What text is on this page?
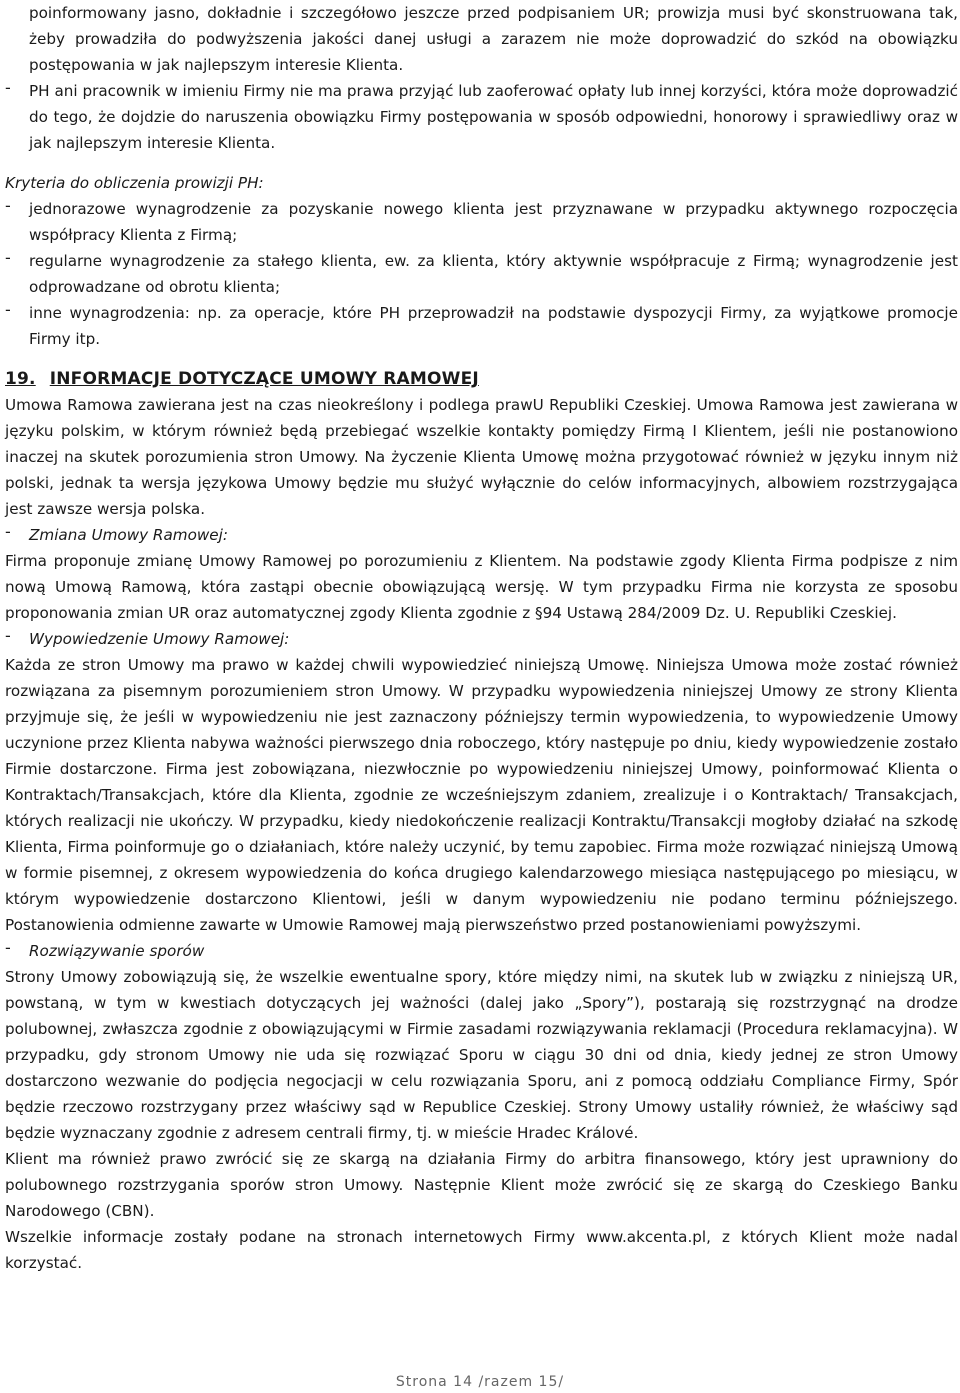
poinformowany jasno, dokładnie i szczegółowo jeszcze przed podpisaniem UR; prowizja musi być skonstruowana tak, żeby prowadziła do podwyższenia jakości danej usługi a zarazem nie może doprowadzić do szkód na obowiązku postępowania w jak najlepszym interesie Klienta.

-	PH ani pracownik w imieniu Firmy nie ma prawa przyjąć lub zaoferować opłaty lub innej korzyści, która może doprowadzić do tego, że dojdzie do naruszenia obowiązku Firmy postępowania w sposób odpowiedni, honorowy i sprawiedliwy oraz w jak najlepszym interesie Klienta.

Kryteria do obliczenia prowizji PH:

-	jednorazowe wynagrodzenie za pozyskanie nowego klienta jest przyznawane w przypadku aktywnego rozpoczęcia współpracy Klienta z Firmą;

-	regularne wynagrodzenie za stałego klienta, ew. za klienta, który aktywnie współpracuje z Firmą; wynagrodzenie jest odprowadzane od obrotu klienta;

-	inne wynagrodzenia: np. za operacje, które PH przeprowadził na podstawie dyspozycji Firmy, za wyjątkowe promocje Firmy itp.

19. INFORMACJE DOTYCZĄCE UMOWY RAMOWEJ

Umowa Ramowa zawierana jest na czas nieokreślony i podlega prawU Republiki Czeskiej. Umowa Ramowa jest zawierana w języku polskim, w którym również będą przebiegać wszelkie kontakty pomiędzy Firmą I Klientem, jeśli nie postanowiono inaczej na skutek porozumienia stron Umowy. Na życzenie Klienta Umowę można przygotować również w języku innym niż polski, jednak ta wersja językowa Umowy będzie mu służyć wyłącznie do celów informacyjnych, albowiem rozstrzygająca jest zawsze wersja polska.

-	Zmiana Umowy Ramowej:

Firma proponuje zmianę Umowy Ramowej po porozumieniu z Klientem. Na podstawie zgody Klienta Firma podpisze z nim nową Umową Ramową, która zastąpi obecnie obowiązującą wersję. W tym przypadku Firma nie korzysta ze sposobu proponowania zmian UR oraz automatycznej zgody Klienta zgodnie z §94 Ustawą 284/2009 Dz. U. Republiki Czeskiej.

-	Wypowiedzenie Umowy Ramowej:

Każda ze stron Umowy ma prawo w każdej chwili wypowiedzieć niniejszą Umowę. Niniejsza Umowa może zostać również rozwiązana za pisemnym porozumieniem stron Umowy. W przypadku wypowiedzenia niniejszej Umowy ze strony Klienta przyjmuje się, że jeśli w wypowiedzeniu nie jest zaznaczony późniejszy termin wypowiedzenia, to wypowiedzenie Umowy uczynione przez Klienta nabywa ważności pierwszego dnia roboczego, który następuje po dniu, kiedy wypowiedzenie zostało Firmie dostarczone. Firma jest zobowiązana, niezwłocznie po wypowiedzeniu niniejszej Umowy, poinformować Klienta o Kontraktach/Transakcjach, które dla Klienta, zgodnie ze wcześniejszym zdaniem, zrealizuje i o Kontraktach/ Transakcjach, których realizacji nie ukończy. W przypadku, kiedy niedokończenie realizacji Kontraktu/Transakcji mogłoby działać na szkodę Klienta, Firma poinformuje go o działaniach, które należy uczynić, by temu zapobiec. Firma może rozwiązać niniejszą Umową w formie pisemnej, z okresem wypowiedzenia do końca drugiego kalendarzowego miesiąca następującego po miesiącu, w którym wypowiedzenie dostarczono Klientowi, jeśli w danym wypowiedzeniu nie podano terminu późniejszego. Postanowienia odmienne zawarte w Umowie Ramowej mają pierwszeństwo przed postanowieniami powyższymi.

-	Rozwiązywanie sporów

Strony Umowy zobowiązują się, że wszelkie ewentualne spory, które między nimi, na skutek lub w związku z niniejszą UR, powstaną, w tym w kwestiach dotyczących jej ważności (dalej jako „Spory”), postarają się rozstrzygnąć na drodze polubownej, zwłaszcza zgodnie z obowiązującymi w Firmie zasadami rozwiązywania reklamacji (Procedura reklamacyjna). W przypadku, gdy stronom Umowy nie uda się rozwiązać Sporu w ciągu 30 dni od dnia, kiedy jednej ze stron Umowy dostarczono wezwanie do podjęcia negocjacji w celu rozwiązania Sporu, ani z pomocą oddziału Compliance Firmy, Spór będzie rzeczowo rozstrzygany przez właściwy sąd w Republice Czeskiej. Strony Umowy ustaliły również, że właściwy sąd będzie wyznaczany zgodnie z adresem centrali firmy, tj. w mieście Hradec Králové.

Klient ma również prawo zwrócić się ze skargą na działania Firmy do arbitra finansowego, który jest uprawniony do polubownego rozstrzygania sporów stron Umowy. Następnie Klient może zwrócić się ze skargą do Czeskiego Banku Narodowego (CBN).

Wszelkie informacje zostały podane na stronach internetowych Firmy www.akcenta.pl, z których Klient może nadal korzystać.

Strona 14 /razem 15/
